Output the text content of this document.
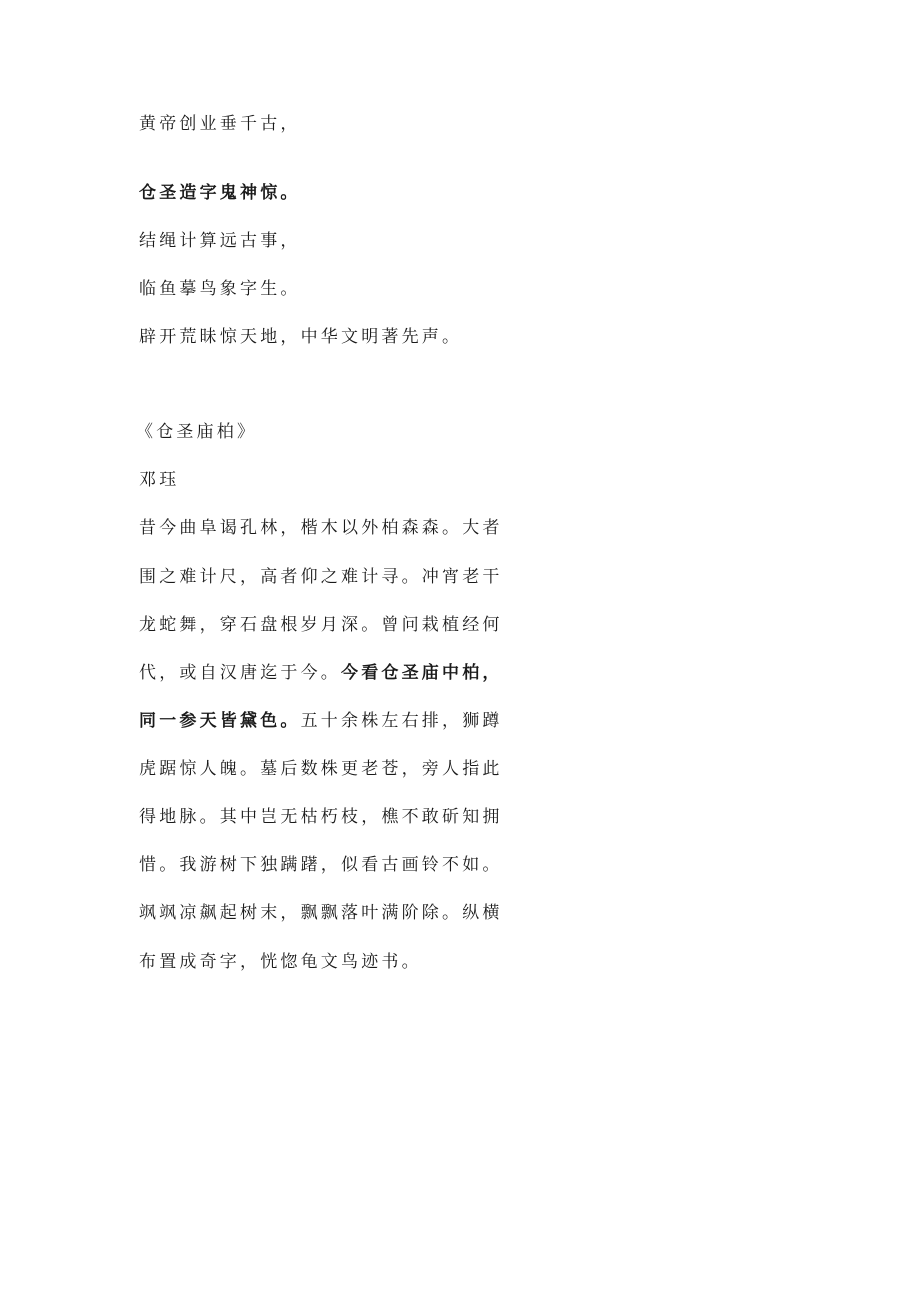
黄帝创业垂千古，
仓圣造字鬼神惊。
结绳计算远古事，
临鱼摹鸟象字生。
辟开荒昧惊天地，中华文明著先声。
《仓圣庙柏》
邓珏
昔今曲阜谒孔林，楷木以外柏森森。大者
围之难计尺，高者仰之难计寻。冲宵老干
龙蛇舞，穿石盘根岁月深。曾问栽植经何
代，或自汉唐迄于今。今看仓圣庙中柏，
同一参天皆黛色。五十余株左右排，狮蹲
虎踞惊人魄。墓后数株更老苍，旁人指此
得地脉。其中岂无枯朽枝，樵不敢斫知拥
惜。我游树下独蹒躇，似看古画铃不如。
飒飒凉飙起树末，飘飘落叶满阶除。纵横
布置成奇字，恍惚龟文鸟迹书。
